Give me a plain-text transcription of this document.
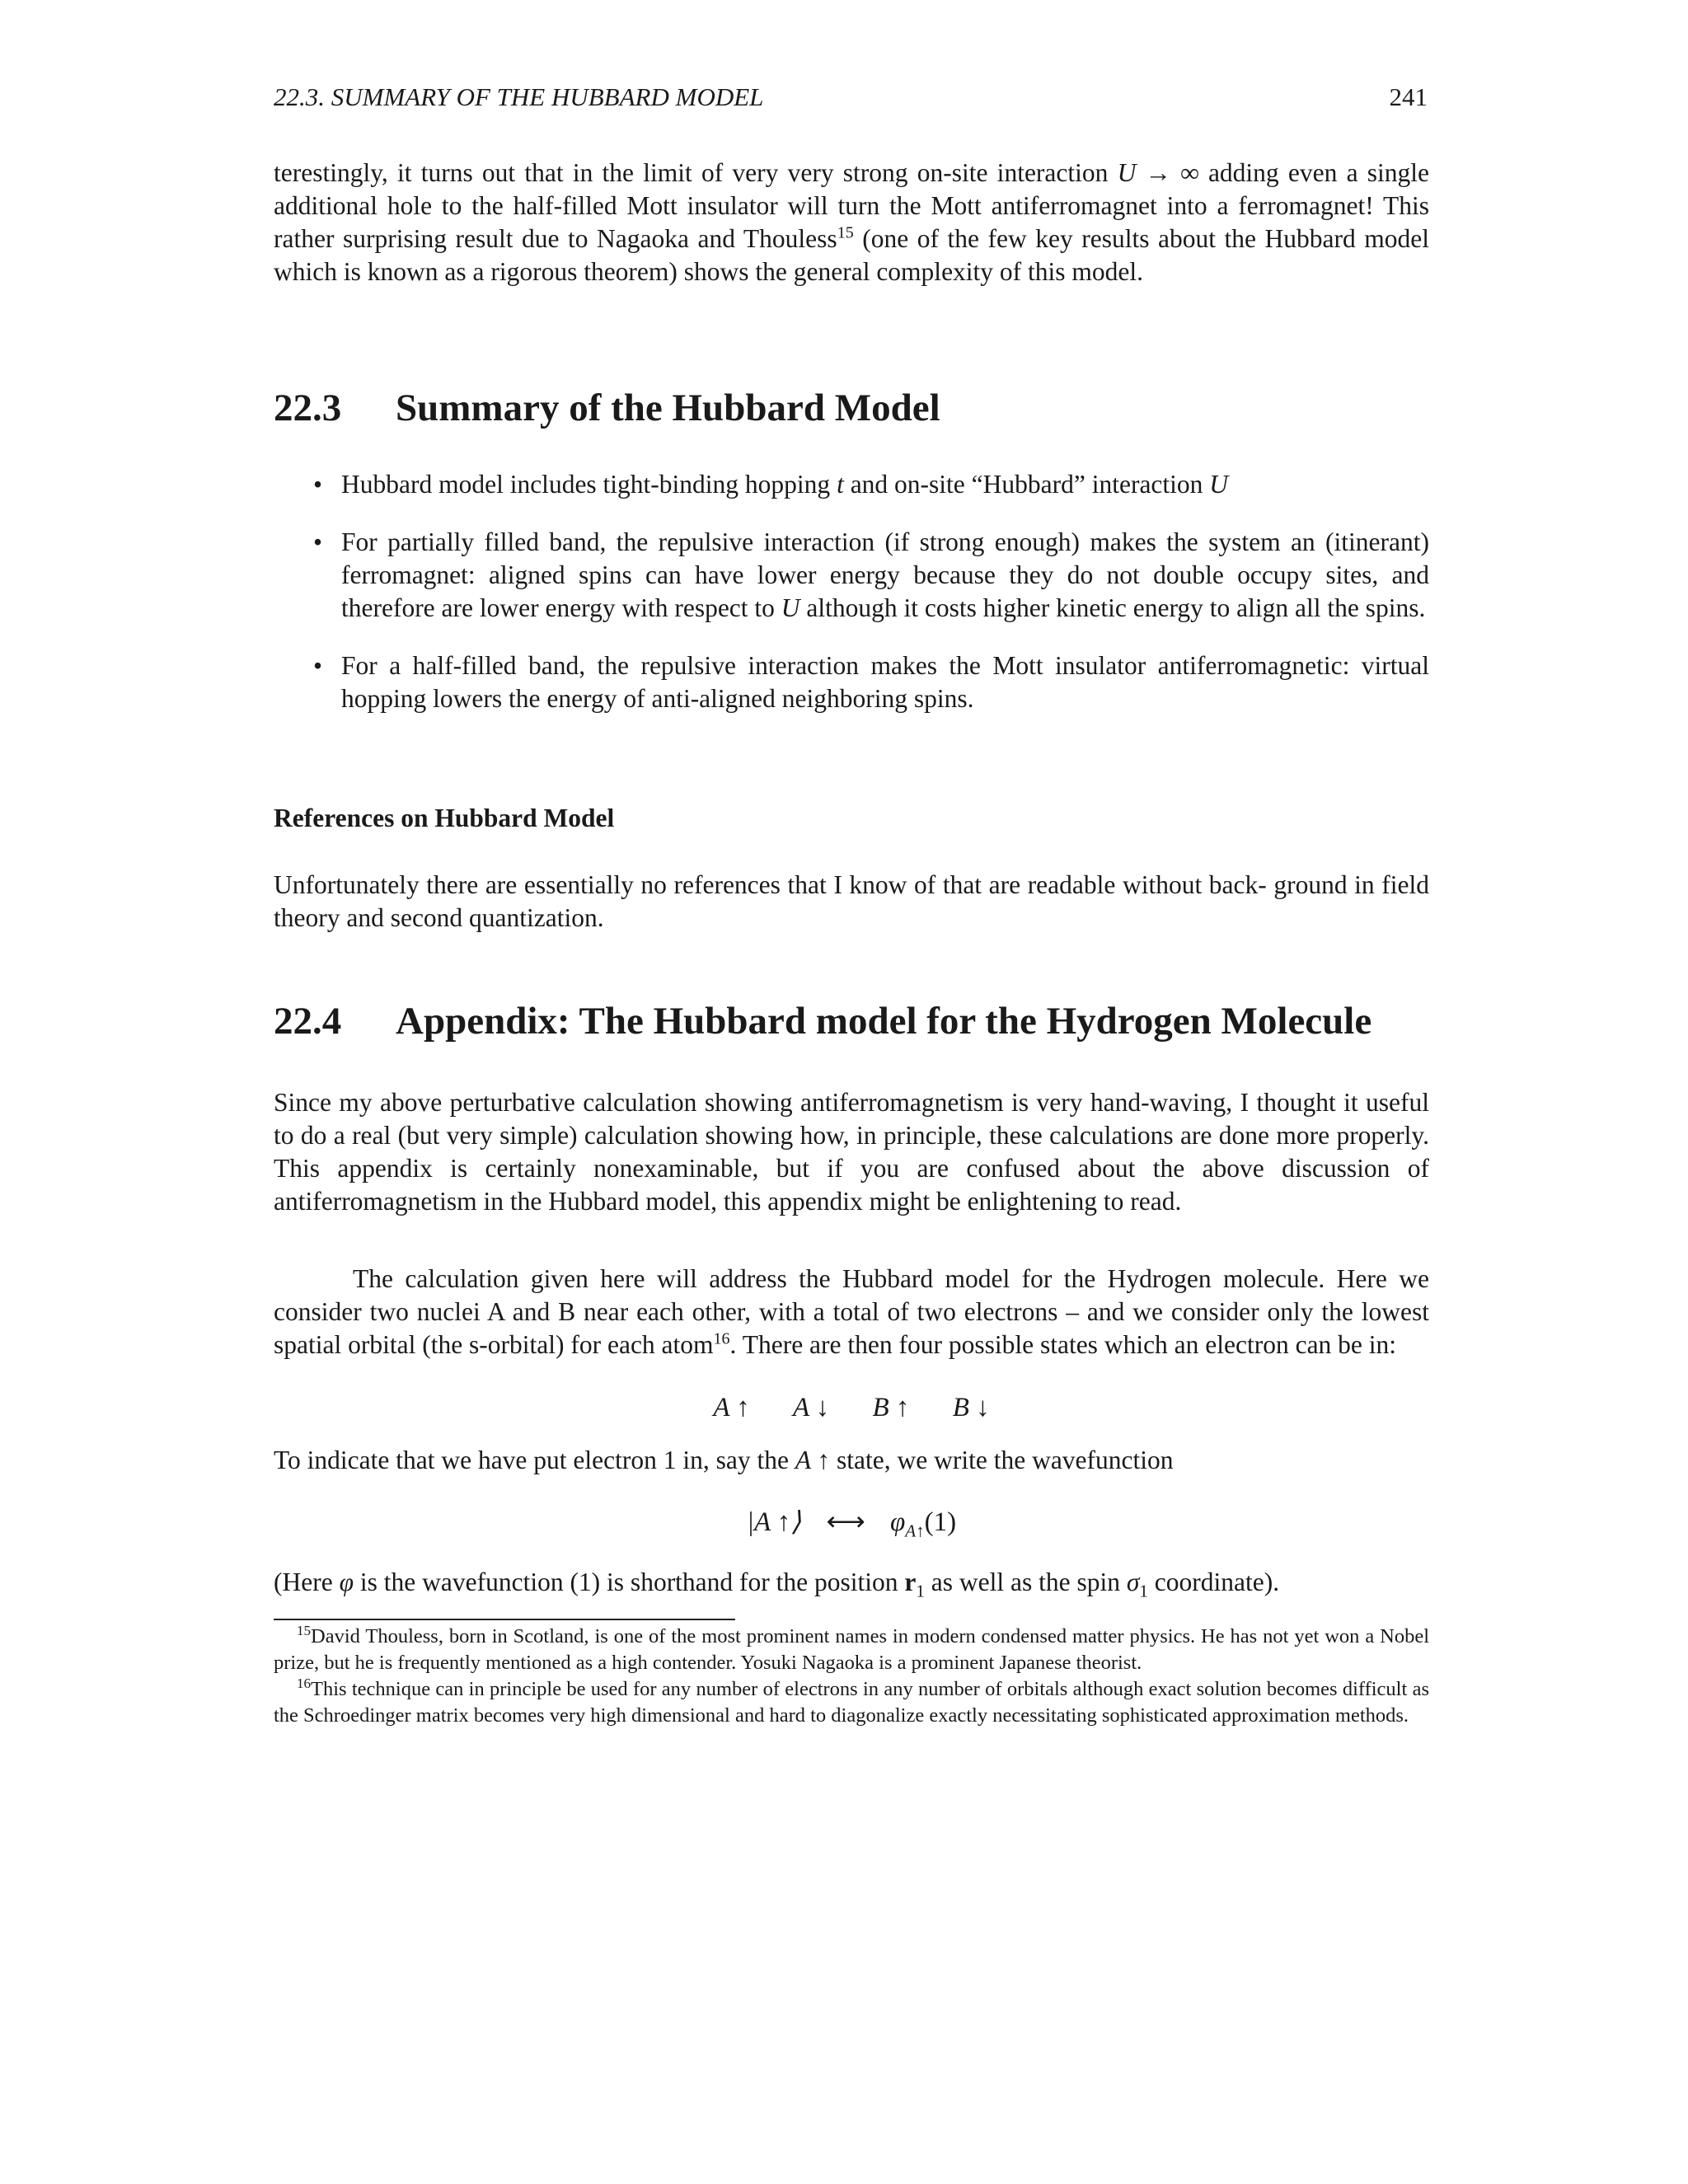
22.3. SUMMARY OF THE HUBBARD MODEL	241

terestingly, it turns out that in the limit of very very strong on-site interaction U → ∞ adding even a single additional hole to the half-filled Mott insulator will turn the Mott antiferromagnet into a ferromagnet! This rather surprising result due to Nagaoka and Thouless$^{15}$ (one of the few key results about the Hubbard model which is known as a rigorous theorem) shows the general complexity of this model.

22.3 Summary of the Hubbard Model
• Hubbard model includes tight-binding hopping t and on-site “Hubbard” interaction U
• For partially filled band, the repulsive interaction (if strong enough) makes the system an (itinerant) ferromagnet: aligned spins can have lower energy because they do not double occupy sites, and therefore are lower energy with respect to U although it costs higher kinetic energy to align all the spins.
• For a half-filled band, the repulsive interaction makes the Mott insulator antiferromagnetic: virtual hopping lowers the energy of anti-aligned neighboring spins.
References on Hubbard Model

Unfortunately there are essentially no references that I know of that are readable without back- ground in field theory and second quantization.

22.4 Appendix: The Hubbard model for the Hydrogen Molecule

Since my above perturbative calculation showing antiferromagnetism is very hand-waving, I thought it useful to do a real (but very simple) calculation showing how, in principle, these calculations are done more properly. This appendix is certainly nonexaminable, but if you are confused about the above discussion of antiferromagnetism in the Hubbard model, this appendix might be enlightening to read.

The calculation given here will address the Hubbard model for the Hydrogen molecule. Here we consider two nuclei A and B near each other, with a total of two electrons – and we consider only the lowest spatial orbital (the s-orbital) for each atom$^{16}$. There are then four possible states which an electron can be in:

A ↑ A ↓ B ↑ B ↓

To indicate that we have put electron 1 in, say the A ↑ state, we write the wavefunction

|A ↑⟩ ⟷ $\varphi_{A↑}(1)$

(Here φ is the wavefunction (1) is shorthand for the position $r_1$ as well as the spin $\sigma_1$ coordinate).

$^{15}$David Thouless, born in Scotland, is one of the most prominent names in modern condensed matter physics. He has not yet won a Nobel prize, but he is frequently mentioned as a high contender. Yosuki Nagaoka is a prominent Japanese theorist.

$^{16}$This technique can in principle be used for any number of electrons in any number of orbitals although exact solution becomes difficult as the Schroedinger matrix becomes very high dimensional and hard to diagonalize exactly necessitating sophisticated approximation methods.
